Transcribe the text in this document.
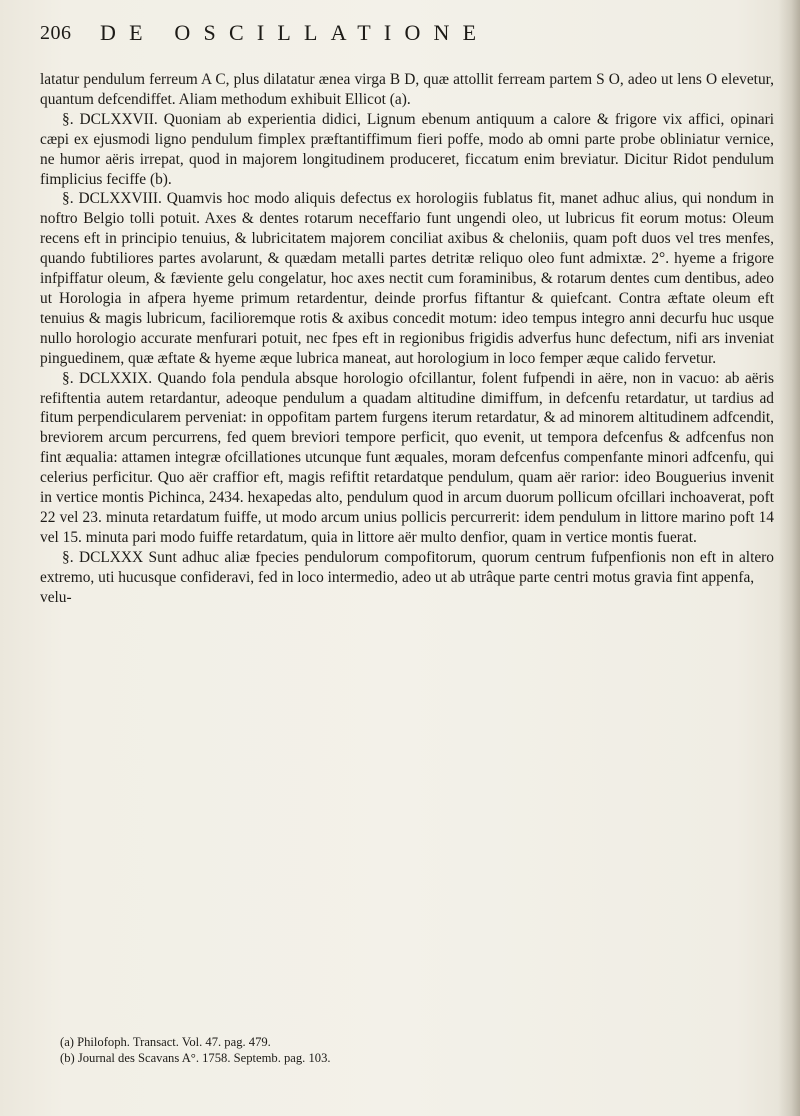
206 DE OSCILLATIONE

latatur pendulum ferreum A C, plus dilatatur ænea virga B D, quæ attollit ferream partem S O, adeo ut lens O elevetur, quantum defcendiffet. Aliam methodum exhibuit Ellicot (a).

§. DCLXXVII. Quoniam ab experientia didici, Lignum ebenum antiquum a calore & frigore vix affici, opinari cæpi ex ejusmodi ligno pendulum fimplex præftantiffimum fieri poffe, modo ab omni parte probe obliniatur vernice, ne humor aëris irrepat, quod in majorem longitudinem produceret, ficcatum enim breviatur. Dicitur Ridot pendulum fimplicius feciffe (b).

§. DCLXXVIII. Quamvis hoc modo aliquis defectus ex horologiis fublatus fit, manet adhuc alius, qui nondum in noftro Belgio tolli potuit. Axes & dentes rotarum neceffario funt ungendi oleo, ut lubricus fit eorum motus: Oleum recens eft in principio tenuius, & lubricitatem majorem conciliat axibus & cheloniis, quam poft duos vel tres menfes, quando fubtiliores partes avolarunt, & quædam metalli partes detritæ reliquo oleo funt admixtæ. 2°. hyeme a frigore infpiffatur oleum, & fæviente gelu congelatur, hoc axes nectit cum foraminibus, & rotarum dentes cum dentibus, adeo ut Horologia in afpera hyeme primum retardentur, deinde prorfus fiftantur & quiefcant. Contra æftate oleum eft tenuius & magis lubricum, facilioremque rotis & axibus concedit motum: ideo tempus integro anni decurfu huc usque nullo horologio accurate menfurari potuit, nec fpes eft in regionibus frigidis adverfus hunc defectum, nifi ars inveniat pinguedinem, quæ æftate & hyeme æque lubrica maneat, aut horologium in loco femper æque calido fervetur.

§. DCLXXIX. Quando fola pendula absque horologio ofcillantur, folent fufpendi in aëre, non in vacuo: ab aëris refiftentia autem retardantur, adeoque pendulum a quadam altitudine dimiffum, in defcenfu retardatur, ut tardius ad fitum perpendicularem perveniat: in oppofitam partem furgens iterum retardatur, & ad minorem altitudinem adfcendit, breviorem arcum percurrens, fed quem breviori tempore perficit, quo evenit, ut tempora defcenfus & adfcenfus non fint æqualia: attamen integræ ofcillationes utcunque funt æquales, moram defcenfus compenfante minori adfcenfu, qui celerius perficitur. Quo aër craffior eft, magis refiftit retardatque pendulum, quam aër rarior: ideo Bouguerius invenit in vertice montis Pichinca, 2434. hexapedas alto, pendulum quod in arcum duorum pollicum ofcillari inchoaverat, poft 22 vel 23. minuta retardatum fuiffe, ut modo arcum unius pollicis percurrerit: idem pendulum in littore marino poft 14 vel 15. minuta pari modo fuiffe retardatum, quia in littore aër multo denfior, quam in vertice montis fuerat.

§. DCLXXX Sunt adhuc aliæ fpecies pendulorum compofitorum, quorum centrum fufpenfionis non eft in altero extremo, uti hucusque confideravi, fed in loco intermedio, adeo ut ab utrâque parte centri motus gravia fint appenfa,

velu-

(a) Philofoph. Transact. Vol. 47. pag. 479.

(b) Journal des Scavans A°. 1758. Septemb. pag. 103.
